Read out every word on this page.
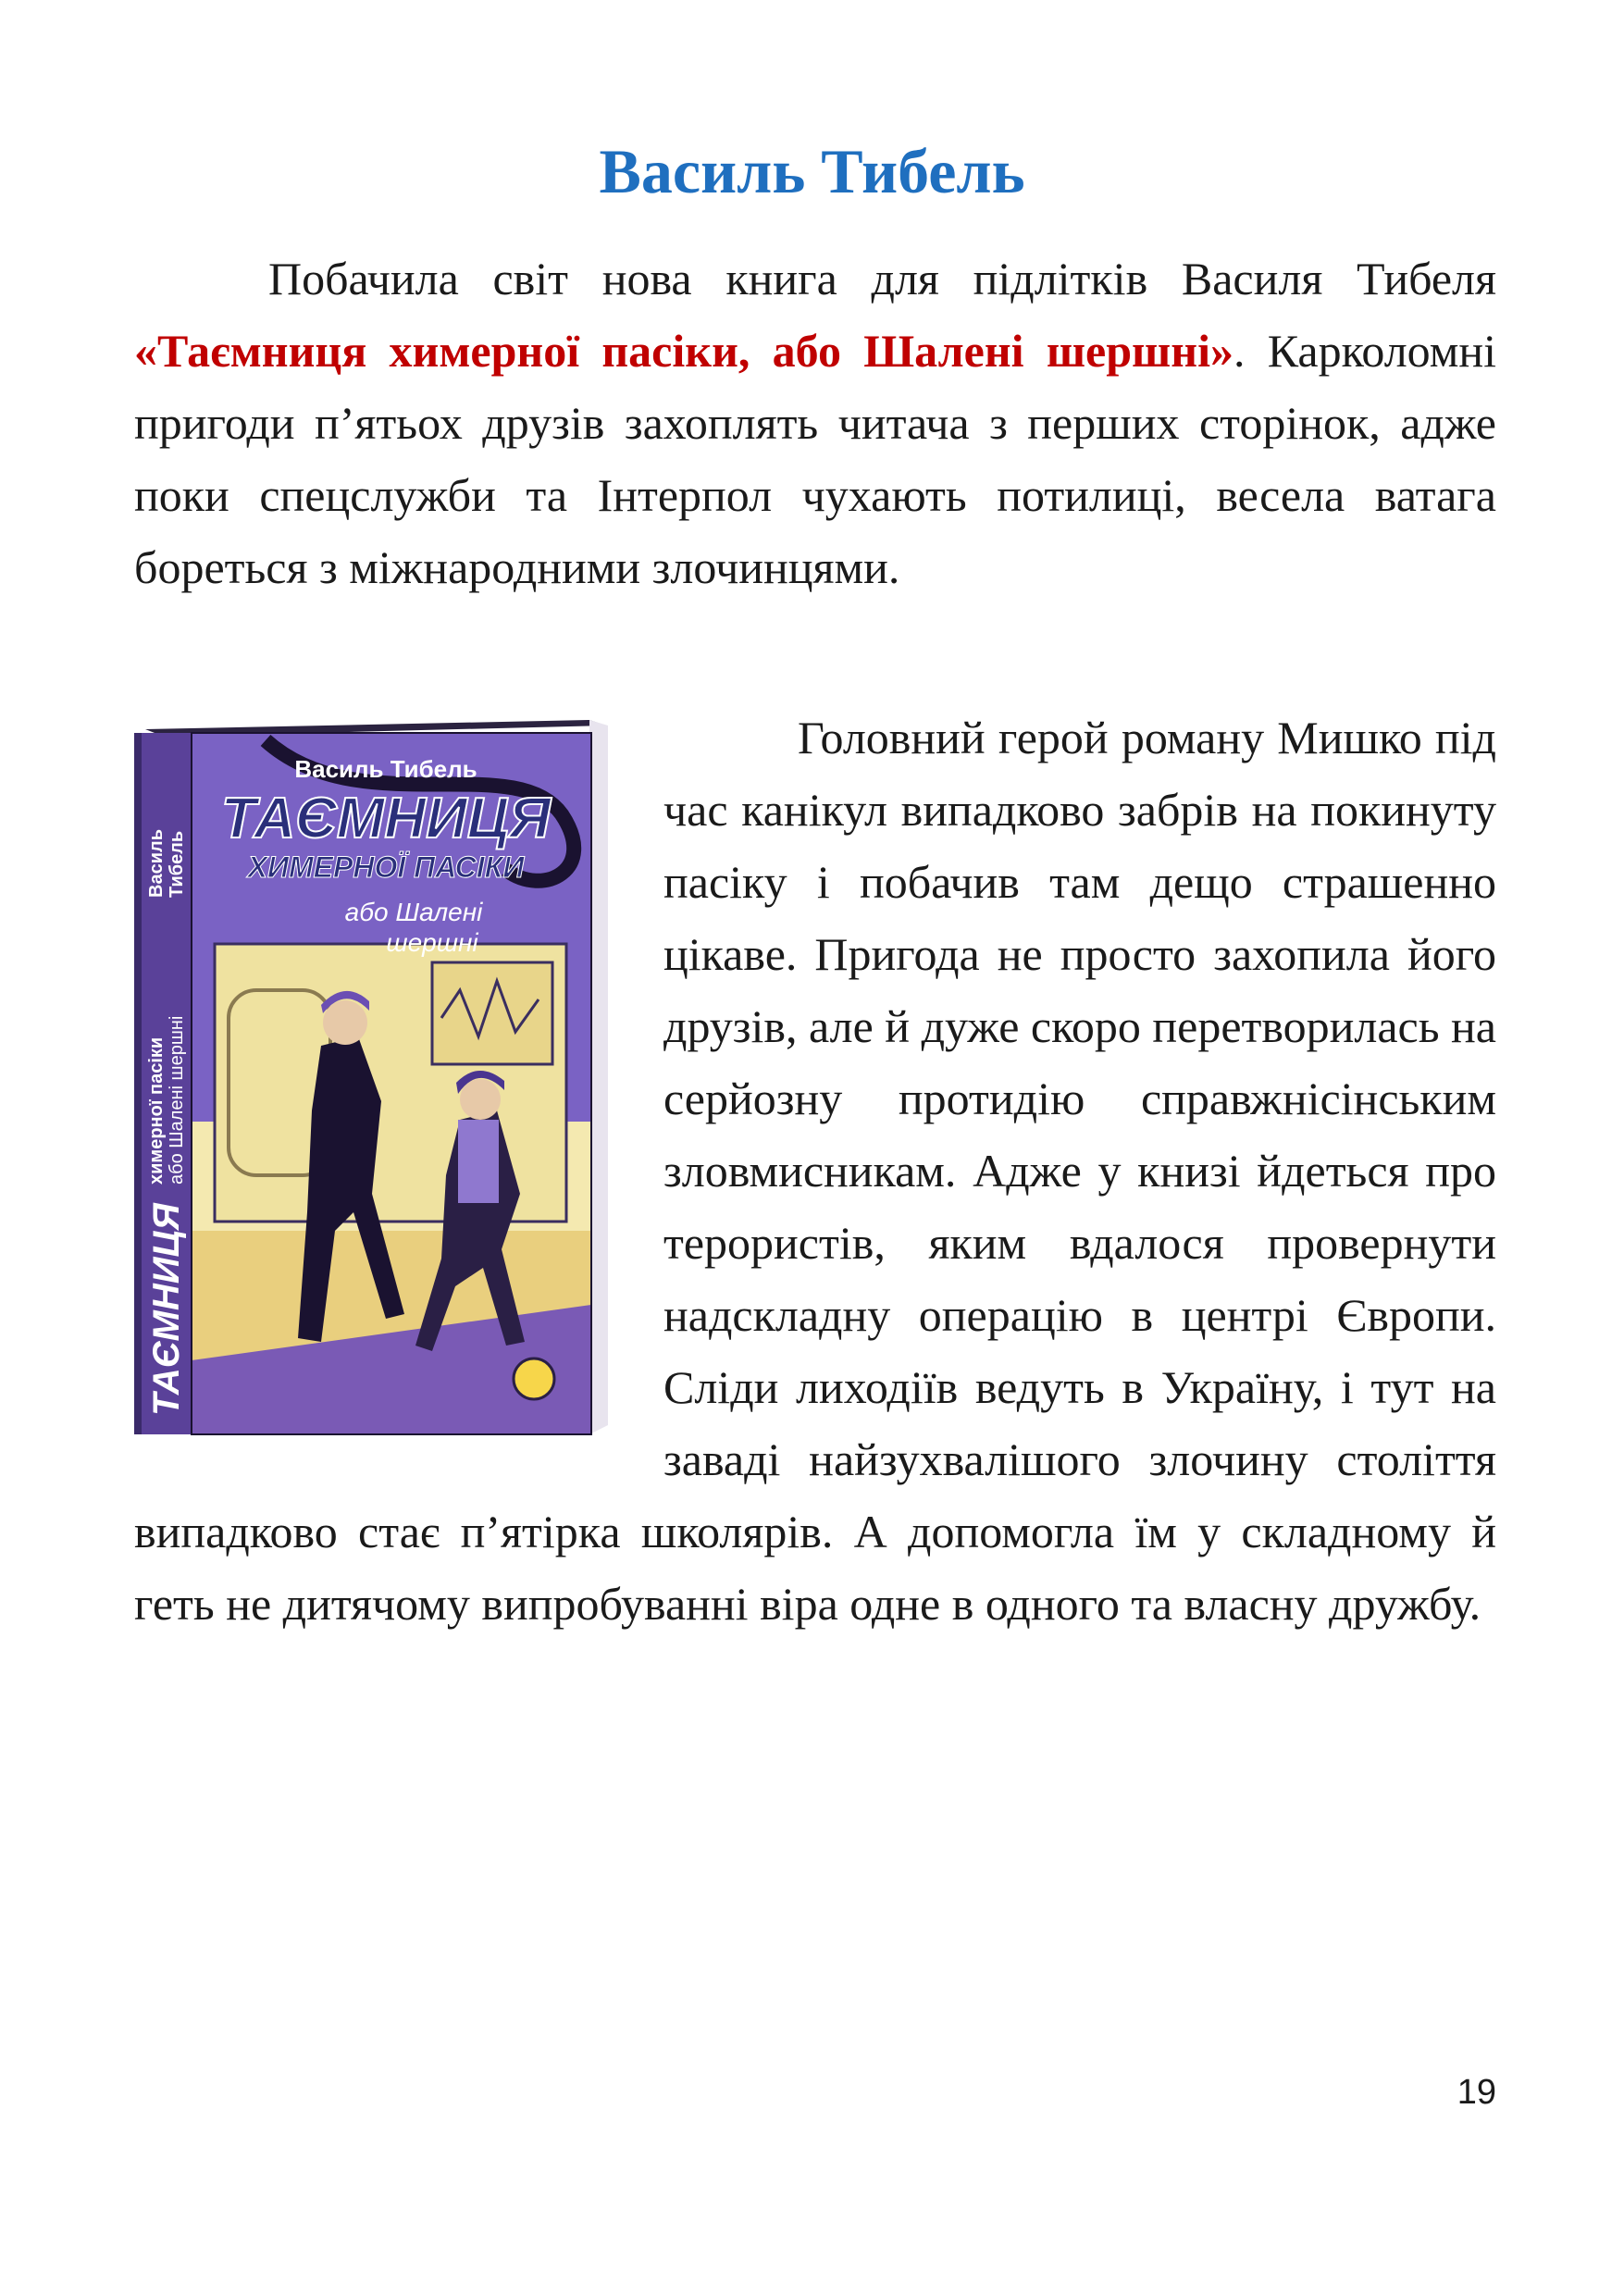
Василь Тибель

Побачила світ нова книга для підлітків Василя Тибеля «Таємниця химерної пасіки, або Шалені шершні». Карколомні пригоди п’ятьох друзів захоплять читача з перших сторінок, адже поки спецслужби та Інтерпол чухають потилиці, весела ватага бореться з міжнародними злочинцями.

Василь Тибель
ТАЄМНИЦЯ
ХИМЕРНОЇ ПАСІКИ
або Шалені
шершні
ТАЄМНИЦЯ
химерної пасіки або Шалені шершні
Василь Тибель

Головний герой роману Мишко під час канікул випадково забрів на покинуту пасіку і побачив там дещо страшенно цікаве. Пригода не просто захопила його друзів, але й дуже скоро перетворилась на серйозну протидію справжнісінським зловмисникам. Адже у книзі йдеться про терористів, яким вдалося провернути надскладну операцію в центрі Європи. Сліди лиходіїв ведуть в Україну, і тут на заваді найзухвалішого злочину століття випадково стає п’ятірка школярів. А допомогла їм у складному й геть не дитячому випробуванні віра одне в одного та власну дружбу.

19
